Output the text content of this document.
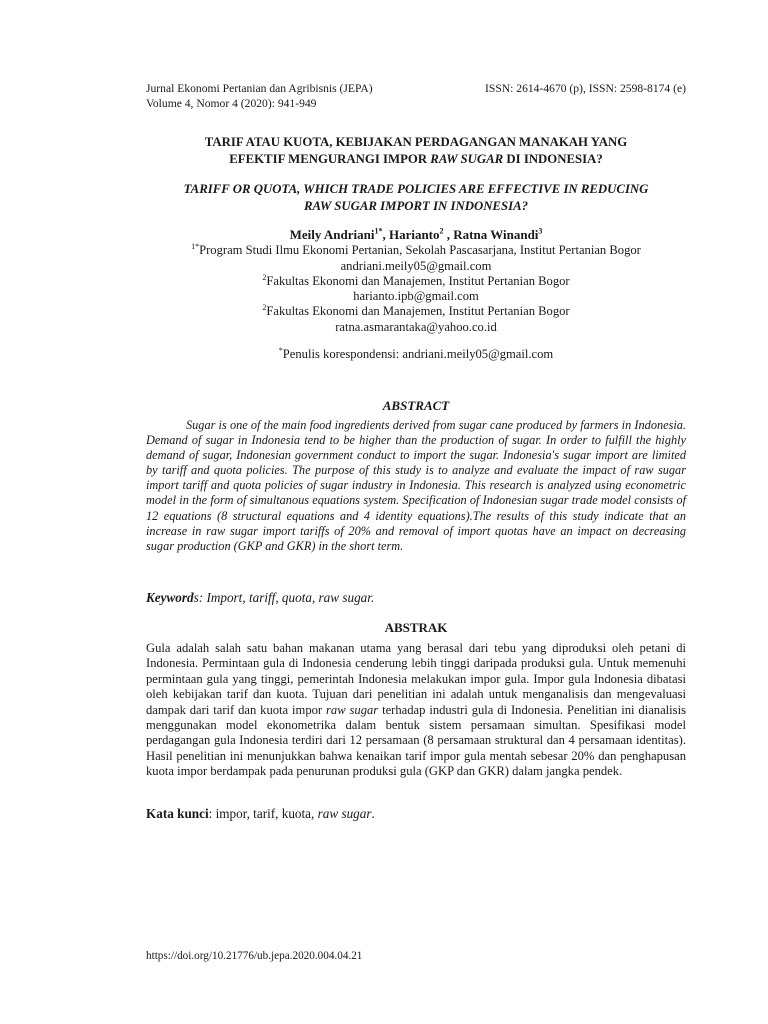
Jurnal Ekonomi Pertanian dan Agribisnis (JEPA)	ISSN: 2614-4670 (p), ISSN: 2598-8174 (e)
Volume 4, Nomor 4 (2020): 941-949
TARIF ATAU KUOTA, KEBIJAKAN PERDAGANGAN MANAKAH YANG
EFEKTIF MENGURANGI IMPOR RAW SUGAR DI INDONESIA?
TARIFF OR QUOTA, WHICH TRADE POLICIES ARE EFFECTIVE IN REDUCING
RAW SUGAR IMPORT IN INDONESIA?
Meily Andriani$^{1*}$, Harianto$^2$ , Ratna Winandi$^3$
$^{1*}$Program Studi Ilmu Ekonomi Pertanian, Sekolah Pascasarjana, Institut Pertanian Bogor
andriani.meily05@gmail.com
$^2$Fakultas Ekonomi dan Manajemen, Institut Pertanian Bogor
harianto.ipb@gmail.com
$^2$Fakultas Ekonomi dan Manajemen, Institut Pertanian Bogor
ratna.asmarantaka@yahoo.co.id
*Penulis korespondensi: andriani.meily05@gmail.com
ABSTRACT
Sugar is one of the main food ingredients derived from sugar cane produced by farmers in Indonesia. Demand of sugar in Indonesia tend to be higher than the production of sugar. In order to fulfill the highly demand of sugar, Indonesian government conduct to import the sugar. Indonesia's sugar import are limited by tariff and quota policies. The purpose of this study is to analyze and evaluate the impact of raw sugar import tariff and quota policies of sugar industry in Indonesia. This research is analyzed using econometric model in the form of simultanous equations system. Specification of Indonesian sugar trade model consists of 12 equations (8 structural equations and 4 identity equations).The results of this study indicate that an increase in raw sugar import tariffs of 20% and removal of import quotas have an impact on decreasing sugar production (GKP and GKR) in the short term.
Keywords: Import, tariff, quota, raw sugar.
ABSTRAK
Gula adalah salah satu bahan makanan utama yang berasal dari tebu yang diproduksi oleh petani di Indonesia. Permintaan gula di Indonesia cenderung lebih tinggi daripada produksi gula. Untuk memenuhi permintaan gula yang tinggi, pemerintah Indonesia melakukan impor gula. Impor gula Indonesia dibatasi oleh kebijakan tarif dan kuota. Tujuan dari penelitian ini adalah untuk menganalisis dan mengevaluasi dampak dari tarif dan kuota impor raw sugar terhadap industri gula di Indonesia. Penelitian ini dianalisis menggunakan model ekonometrika dalam bentuk sistem persamaan simultan. Spesifikasi model perdagangan gula Indonesia terdiri dari 12 persamaan (8 persamaan struktural dan 4 persamaan identitas). Hasil penelitian ini menunjukkan bahwa kenaikan tarif impor gula mentah sebesar 20% dan penghapusan kuota impor berdampak pada penurunan produksi gula (GKP dan GKR) dalam jangka pendek.
Kata kunci: impor, tarif, kuota, raw sugar.
https://doi.org/10.21776/ub.jepa.2020.004.04.21
